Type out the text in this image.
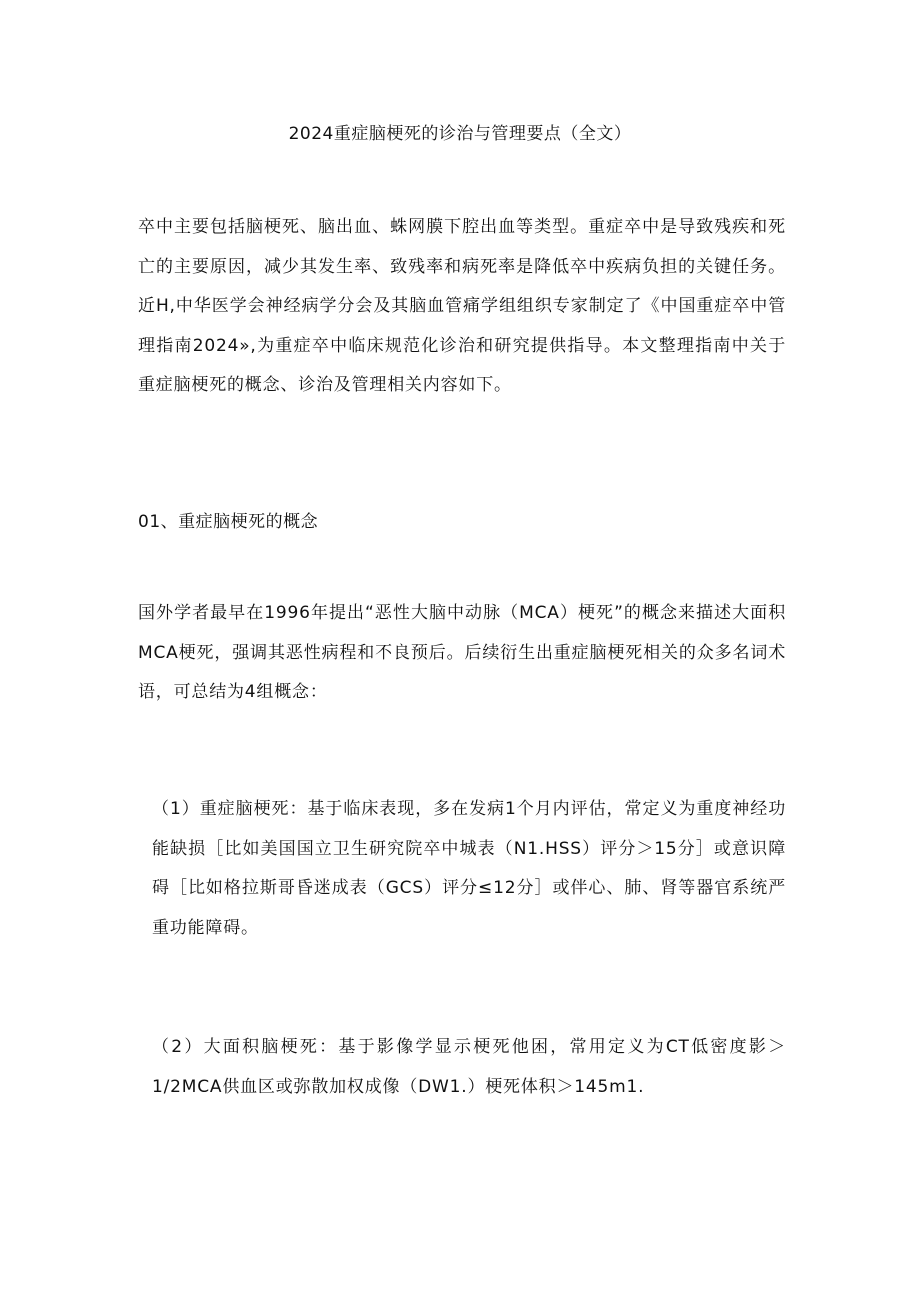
2024重症脑梗死的诊治与管理要点（全文）

卒中主要包括脑梗死、脑出血、蛛网膜下腔出血等类型。重症卒中是导致残疾和死亡的主要原因，减少其发生率、致残率和病死率是降低卒中疾病负担的关键任务。近H,中华医学会神经病学分会及其脑血管痛学组组织专家制定了《中国重症卒中管理指南2024»,为重症卒中临床规范化诊治和研究提供指导。本文整理指南中关于重症脑梗死的概念、诊治及管理相关内容如下。

01、重症脑梗死的概念

国外学者最早在1996年提出“恶性大脑中动脉（MCA）梗死”的概念来描述大面积MCA梗死，强调其恶性病程和不良预后。后续衍生出重症脑梗死相关的众多名词术语，可总结为4组概念：

（1）重症脑梗死：基于临床表现，多在发病1个月内评估，常定义为重度神经功能缺损［比如美国国立卫生研究院卒中城表（N1.HSS）评分＞15分］或意识障碍［比如格拉斯哥昏迷成表（GCS）评分≤12分］或伴心、肺、肾等器官系统严重功能障碍。

（2）大面积脑梗死：基于影像学显示梗死他困，常用定义为CT低密度影＞1/2MCA供血区或弥散加权成像（DW1.）梗死体积＞145m1.
